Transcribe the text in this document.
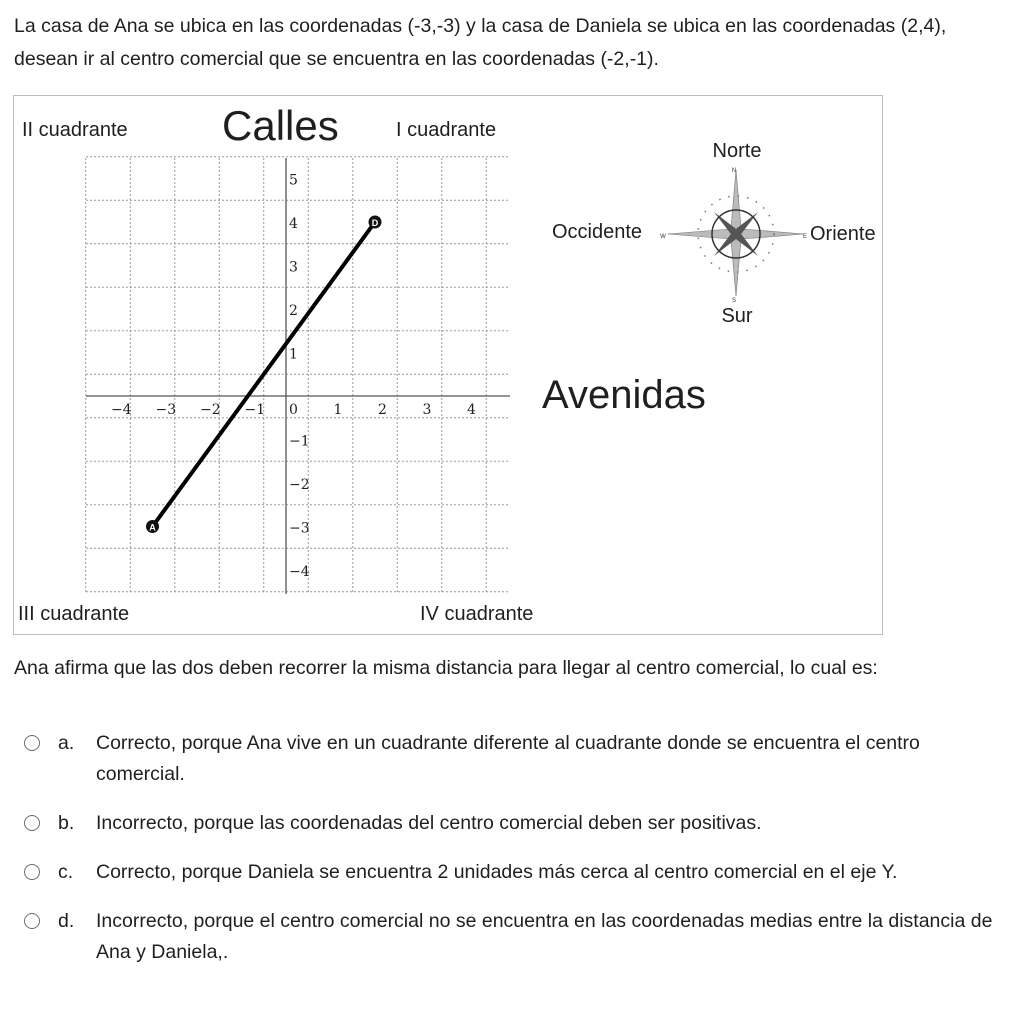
La casa de Ana se ubica en las coordenadas (-3,-3) y la casa de Daniela se ubica en las coordenadas (2,4), desean ir al centro comercial que se encuentra en las coordenadas (-2,-1).

−4 −3 −2 −1 0	1	2	3	4
5
4
3
2
1
−1
−2
−3
−4
A
D
II cuadrante Calles	I cuadrante
III cuadrante	IV cuadrante
Avenidas
Norte
Sur
Occidente	Oriente
N
S
W	E

Ana afirma que las dos deben recorrer la misma distancia para llegar al centro comercial, lo cual es:

a. Correcto, porque Ana vive en un cuadrante diferente al cuadrante donde se encuentra el centro comercial.
b. Incorrecto, porque las coordenadas del centro comercial deben ser positivas.
c. Correcto, porque Daniela se encuentra 2 unidades más cerca al centro comercial en el eje Y.
d. Incorrecto, porque el centro comercial no se encuentra en las coordenadas medias entre la distancia de Ana y Daniela,.
